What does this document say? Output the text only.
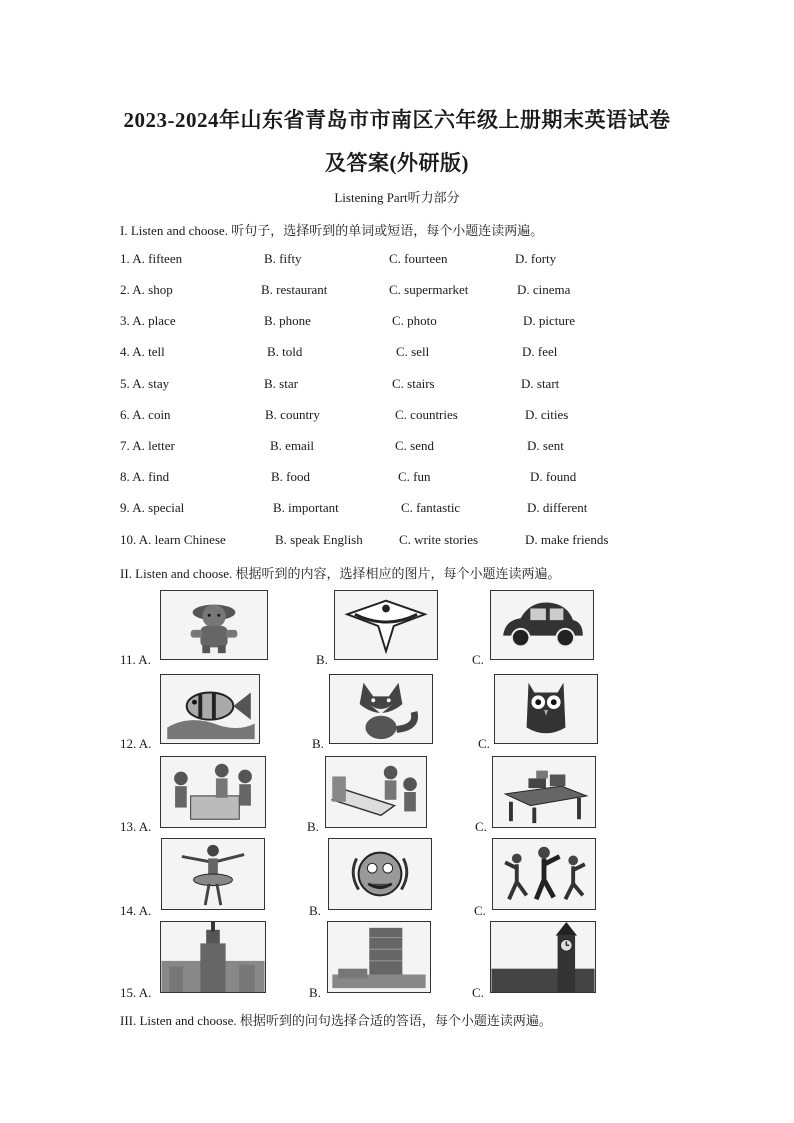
2023-2024年山东省青岛市市南区六年级上册期末英语试卷
及答案(外研版)
Listening Part听力部分
I. Listen and choose. 听句子，选择听到的单词或短语，每个小题连读两遍。
1. A. fifteen	B. fifty	C. fourteen	D. forty
2. A. shop	B. restaurant	C. supermarket	D. cinema
3. A. place	B. phone	C. photo	D. picture
4. A. tell	B. told	C. sell	D. feel
5. A. stay	B. star	C. stairs	D. start
6. A. coin	B. country	C. countries	D. cities
7. A. letter	B. email	C. send	D. sent
8. A. find	B. food	C. fun	D. found
9. A. special	B. important	C. fantastic	D. different
10. A. learn Chinese	B. speak English	C. write stories	D. make friends
II. Listen and choose. 根据听到的内容，选择相应的图片，每个小题连读两遍。
11. A.	B.	C.
12. A.	B.	C.
13. A.	B.	C.
14. A.	B.	C.
15. A.	B.	C.
III. Listen and choose. 根据听到的问句选择合适的答语，每个小题连读两遍。
